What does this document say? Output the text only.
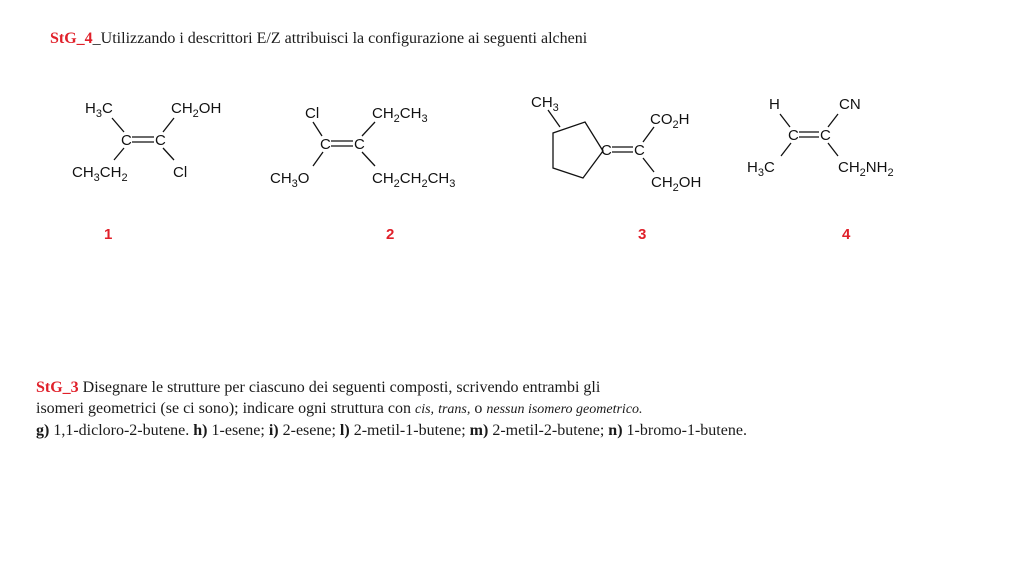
StG_4_Utilizzando i descrittori E/Z attribuisci la configurazione ai seguenti alcheni
$H_3C$	$CH_2OH$
C C
$CH_3CH_2$	Cl
Cl	$CH_2CH_3$
C C
$CH_3O$	$CH_2CH_2CH_3$
$CH_3$
C C
$CO_2H$
$CH_2OH$
H	CN
C C
$H_3C$	$CH_2NH_2$
1	2	3	4
StG_3 Disegnare le strutture per ciascuno dei seguenti composti, scrivendo entrambi gli
isomeri geometrici (se ci sono); indicare ogni struttura con cis, trans, o nessun isomero geometrico.
g) 1,1-dicloro-2-butene. h) 1-esene; i) 2-esene; l) 2-metil-1-butene; m) 2-metil-2-butene; n) 1-bromo-1-butene.
